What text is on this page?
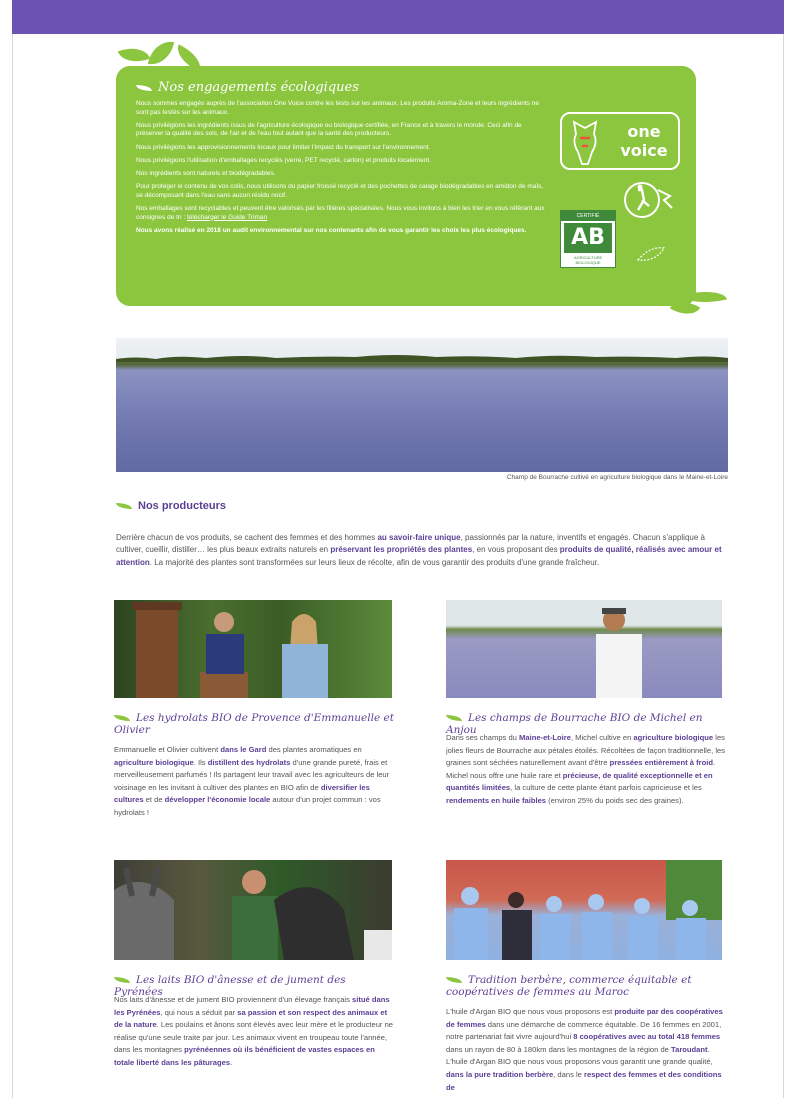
Nos engagements écologiques

Nous sommes engagés auprès de l'association One Voice contre les tests sur les animaux. Les produits Aroma-Zone et leurs ingrédients ne sont pas testés sur les animaux.

Nous privilégions les ingrédients issus de l'agriculture écologique ou biologique certifiée, en France et à travers le monde. Ceci afin de préserver la qualité des sols, de l'air et de l'eau tout autant que la santé des producteurs.

Nous privilégions les approvisionnements locaux pour limiter l'impact du transport sur l'environnement.

Nous privilégions l'utilisation d'emballages recyclés (verre, PET recyclé, carton) et produits localement.

Nos ingrédients sont naturels et biodégradables.

Pour protéger le contenu de vos colis, nous utilisons du papier froissé recyclé et des pochettes de calage biodégradables en amidon de maïs, se décomposant dans l'eau sans aucun résidu nocif.

Nos emballages sont recyclables et peuvent être valorisés par les filières spécialisées. Nous vous invitons à bien les trier en vous référant aux consignes de tri : télécharger le Guide Triman

Nous avons réalisé en 2018 un audit environnemental sur nos contenants afin de vous garantir les choix les plus écologiques.

one voice
CERTIFIÉ
AB
AGRICULTURE BIOLOGIQUE
Champ de Bourrache cultivé en agriculture biologique dans le Maine-et-Loire
Nos producteurs
Derrière chacun de vos produits, se cachent des femmes et des hommes au savoir-faire unique, passionnés par la nature, inventifs et engagés. Chacun s'applique à cultiver, cueillir, distiller… les plus beaux extraits naturels en préservant les propriétés des plantes, en vous proposant des produits de qualité, réalisés avec amour et attention. La majorité des plantes sont transformées sur leurs lieux de récolte, afin de vous garantir des produits d'une grande fraîcheur.
Les hydrolats BIO de Provence d'Emmanuelle et Olivier
Emmanuelle et Olivier cultivent dans le Gard des plantes aromatiques en agriculture biologique. Ils distillent des hydrolats d'une grande pureté, frais et merveilleusement parfumés ! Ils partagent leur travail avec les agriculteurs de leur voisinage en les invitant à cultiver des plantes en BIO afin de diversifier les cultures et de développer l'économie locale autour d'un projet commun : vos hydrolats !
Les champs de Bourrache BIO de Michel en Anjou
Dans ses champs du Maine-et-Loire, Michel cultive en agriculture biologique les jolies fleurs de Bourrache aux pétales étoilés. Récoltées de façon traditionnelle, les graines sont séchées naturellement avant d'être pressées entièrement à froid. Michel nous offre une huile rare et précieuse, de qualité exceptionnelle et en quantités limitées, la culture de cette plante étant parfois capricieuse et les rendements en huile faibles (environ 25% du poids sec des graines).
Les laits BIO d'ânesse et de jument des Pyrénées
Nos laits d'ânesse et de jument BIO proviennent d'un élevage français situé dans les Pyrénées, qui nous a séduit par sa passion et son respect des animaux et de la nature. Les poulains et ânons sont élevés avec leur mère et le producteur ne réalise qu'une seule traite par jour. Les animaux vivent en troupeau toute l'année, dans les montagnes pyrénéennes où ils bénéficient de vastes espaces en totale liberté dans les pâturages.
Tradition berbère, commerce équitable et coopératives de femmes au Maroc
L'huile d'Argan BIO que nous vous proposons est produite par des coopératives de femmes dans une démarche de commerce équitable. De 16 femmes en 2001, notre partenariat fait vivre aujourd'hui 8 coopératives avec au total 418 femmes dans un rayon de 80 à 180km dans les montagnes de la région de Taroudant. L'huile d'Argan BIO que nous vous proposons vous garantit une grande qualité, dans la pure tradition berbère, dans le respect des femmes et des conditions de
